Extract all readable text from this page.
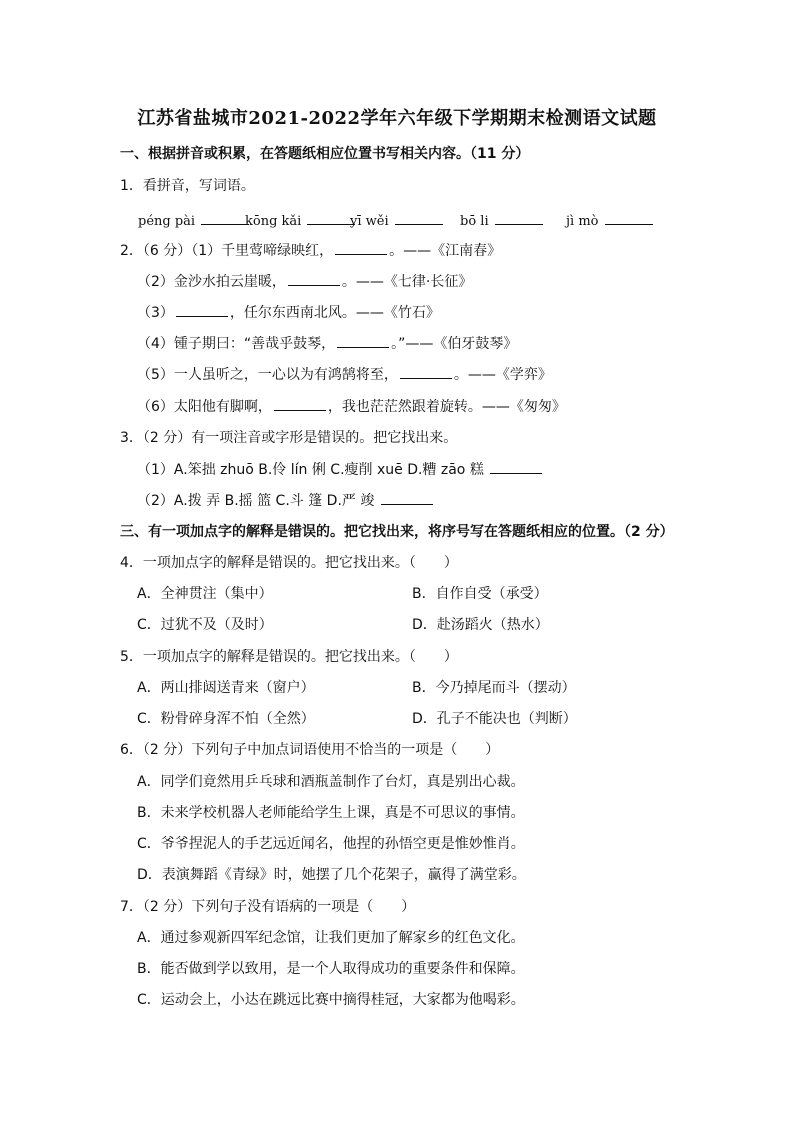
江苏省盐城市2021-2022学年六年级下学期期末检测语文试题
一、根据拼音或积累，在答题纸相应位置书写相关内容。（11 分）
1．看拼音，写词语。
péng pài	kōng kǎi	yī wěi	bō li	jì mò
2．（6 分）（1）千里莺啼绿映红，	。——《江南春》
（2）金沙水拍云崖暖，	。——《七律·长征》
（3）	，任尔东西南北风。——《竹石》
（4）锺子期曰：“善哉乎鼓琴，	。”——《伯牙鼓琴》
（5）一人虽听之，一心以为有鸿鹄将至，	。——《学弈》
（6）太阳他有脚啊，	，我也茫茫然跟着旋转。——《匆匆》
3．（2 分）有一项注音或字形是错误的。把它找出来。
（1）A.笨拙 zhuō B.伶 lín 俐 C.瘦削 xuē D.糟 zāo 糕
（2）A.拨 弄 B.摇 篮 C.斗 篷 D.严 竣
三、有一项加点字的解释是错误的。把它找出来，将序号写在答题纸相应的位置。（2 分）
4．一项加点字的解释是错误的。把它找出来。（　　）
A．全神贯注（集中）	B．自作自受（承受）
C．过犹不及（及时）	D．赴汤蹈火（热水）
5．一项加点字的解释是错误的。把它找出来。（　　）
A．两山排闼送青来（窗户）	B．今乃掉尾而斗（摆动）
C．粉骨碎身浑不怕（全然）	D．孔子不能决也（判断）
6．（2 分）下列句子中加点词语使用不恰当的一项是（　　）
A．同学们竟然用乒乓球和酒瓶盖制作了台灯，真是别出心裁。
B．未来学校机器人老师能给学生上课，真是不可思议的事情。
C．爷爷捏泥人的手艺远近闻名，他捏的孙悟空更是惟妙惟肖。
D．表演舞蹈《青绿》时，她摆了几个花架子，赢得了满堂彩。
7．（2 分）下列句子没有语病的一项是（　　）
A．通过参观新四军纪念馆，让我们更加了解家乡的红色文化。
B．能否做到学以致用，是一个人取得成功的重要条件和保障。
C．运动会上，小达在跳远比赛中摘得桂冠，大家都为他喝彩。
